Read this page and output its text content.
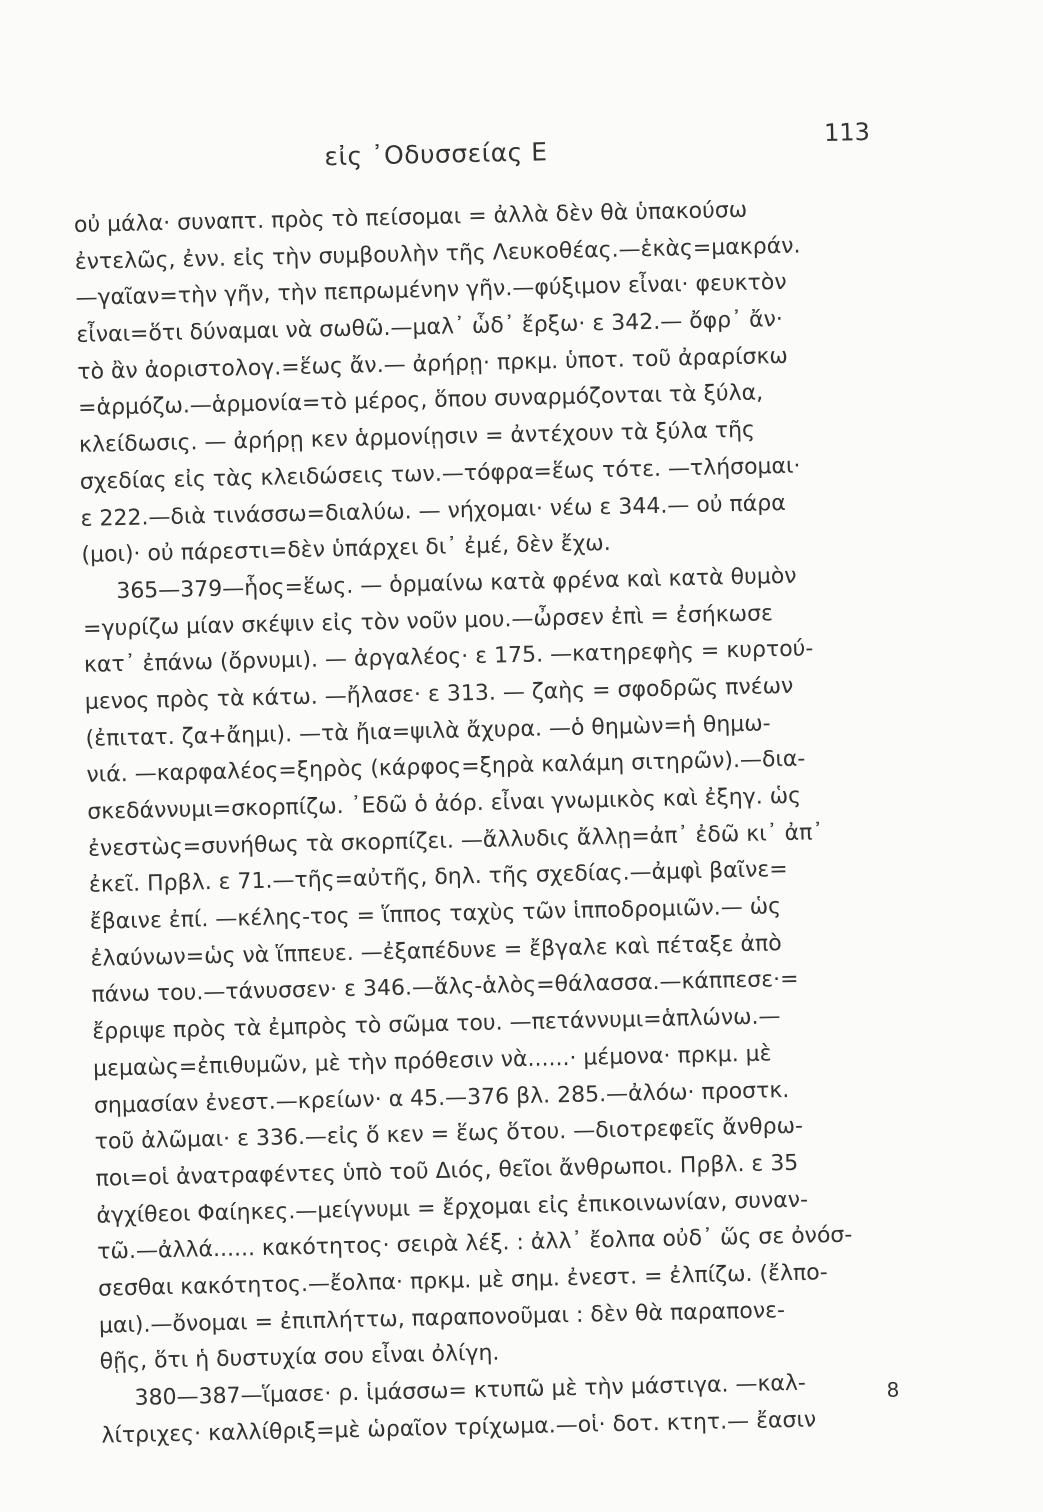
εἰς ᾿Οδυσσείας Ε
113
οὐ μάλα· συναπτ. πρὸς τὸ πείσομαι = ἀλλὰ δὲν θὰ ὑπακούσω
ἐντελῶς, ἐνν. εἰς τὴν συμβουλὴν τῆς Λευκοθέας.—ἑκὰς=μακράν.
—γαῖαν=τὴν γῆν, τὴν πεπρωμένην γῆν.—φύξιμον εἶναι· φευκτὸν
εἶναι=ὅτι δύναμαι νὰ σωθῶ.—μαλ᾽ ὧδ᾽ ἔρξω· ε 342.— ὄφρ᾽ ἄν·
τὸ ἂν ἀοριστολογ.=ἕως ἄν.— ἀρήρῃ· πρκμ. ὑποτ. τοῦ ἀραρίσκω
=ἁρμόζω.—ἁρμονία=τὸ μέρος, ὅπου συναρμόζονται τὰ ξύλα,
κλείδωσις. — ἀρήρῃ κεν ἁρμονίῃσιν = ἀντέχουν τὰ ξύλα τῆς
σχεδίας εἰς τὰς κλειδώσεις των.—τόφρα=ἕως τότε. —τλήσομαι·
ε 222.—διὰ τινάσσω=διαλύω. — νήχομαι· νέω ε 344.— οὐ πάρα
(μοι)· οὐ πάρεστι=δὲν ὑπάρχει δι᾽ ἐμέ, δὲν ἔχω.
365—379—ἧος=ἕως. — ὁρμαίνω κατὰ φρένα καὶ κατὰ θυμὸν
=γυρίζω μίαν σκέψιν εἰς τὸν νοῦν μου.—ὦρσεν ἐπὶ = ἐσήκωσε
κατ᾽ ἐπάνω (ὄρνυμι). — ἀργαλέος· ε 175. —κατηρεφὴς = κυρτού-
μενος πρὸς τὰ κάτω. —ἤλασε· ε 313. — ζαὴς = σφοδρῶς πνέων
(ἐπιτατ. ζα+ἄημι). —τὰ ἤια=ψιλὰ ἄχυρα. —ὁ θημὼν=ἡ θημω-
νιά. —καρφαλέος=ξηρὸς (κάρφος=ξηρὰ καλάμη σιτηρῶν).—δια-
σκεδάννυμι=σκορπίζω. ᾽Εδῶ ὁ ἀόρ. εἶναι γνωμικὸς καὶ ἐξηγ. ὡς
ἐνεστὼς=συνήθως τὰ σκορπίζει. —ἄλλυδις ἄλλῃ=ἀπ᾽ ἐδῶ κι᾽ ἀπ᾽
ἐκεῖ. Πρβλ. ε 71.—τῆς=αὐτῆς, δηλ. τῆς σχεδίας.—ἀμφὶ βαῖνε=
ἔβαινε ἐπί. —κέλης-τος = ἵππος ταχὺς τῶν ἱπποδρομιῶν.— ὡς
ἐλαύνων=ὡς νὰ ἵππευε. —ἐξαπέδυνε = ἔβγαλε καὶ πέταξε ἀπὸ
πάνω του.—τάνυσσεν· ε 346.—ἅλς-ἁλὸς=θάλασσα.—κάππεσε·=
ἔρριψε πρὸς τὰ ἐμπρὸς τὸ σῶμα του. —πετάννυμι=ἁπλώνω.—
μεμαὼς=ἐπιθυμῶν, μὲ τὴν πρόθεσιν νὰ......· μέμονα· πρκμ. μὲ
σημασίαν ἐνεστ.—κρείων· α 45.—376 βλ. 285.—ἀλόω· προστκ.
τοῦ ἀλῶμαι· ε 336.—εἰς ὅ κεν = ἕως ὅτου. —διοτρεφεῖς ἄνθρω-
ποι=οἱ ἀνατραφέντες ὑπὸ τοῦ Διός, θεῖοι ἄνθρωποι. Πρβλ. ε 35
ἀγχίθεοι Φαίηκες.—μείγνυμι = ἔρχομαι εἰς ἐπικοινωνίαν, συναν-
τῶ.—ἀλλά...... κακότητος· σειρὰ λέξ. : ἀλλ᾽ ἔολπα οὐδ᾽ ὥς σε ὀνόσ-
σεσθαι κακότητος.—ἔολπα· πρκμ. μὲ σημ. ἐνεστ. = ἐλπίζω. (ἔλπο-
μαι).—ὄνομαι = ἐπιπλήττω, παραπονοῦμαι : δὲν θὰ παραπονε-
θῇς, ὅτι ἡ δυστυχία σου εἶναι ὀλίγη.
380—387—ἵμασε· ρ. ἱμάσσω= κτυπῶ μὲ τὴν μάστιγα. —καλ-
λίτριχες· καλλίθριξ=μὲ ὡραῖον τρίχωμα.—οἱ· δοτ. κτητ.— ἔασιν
8
